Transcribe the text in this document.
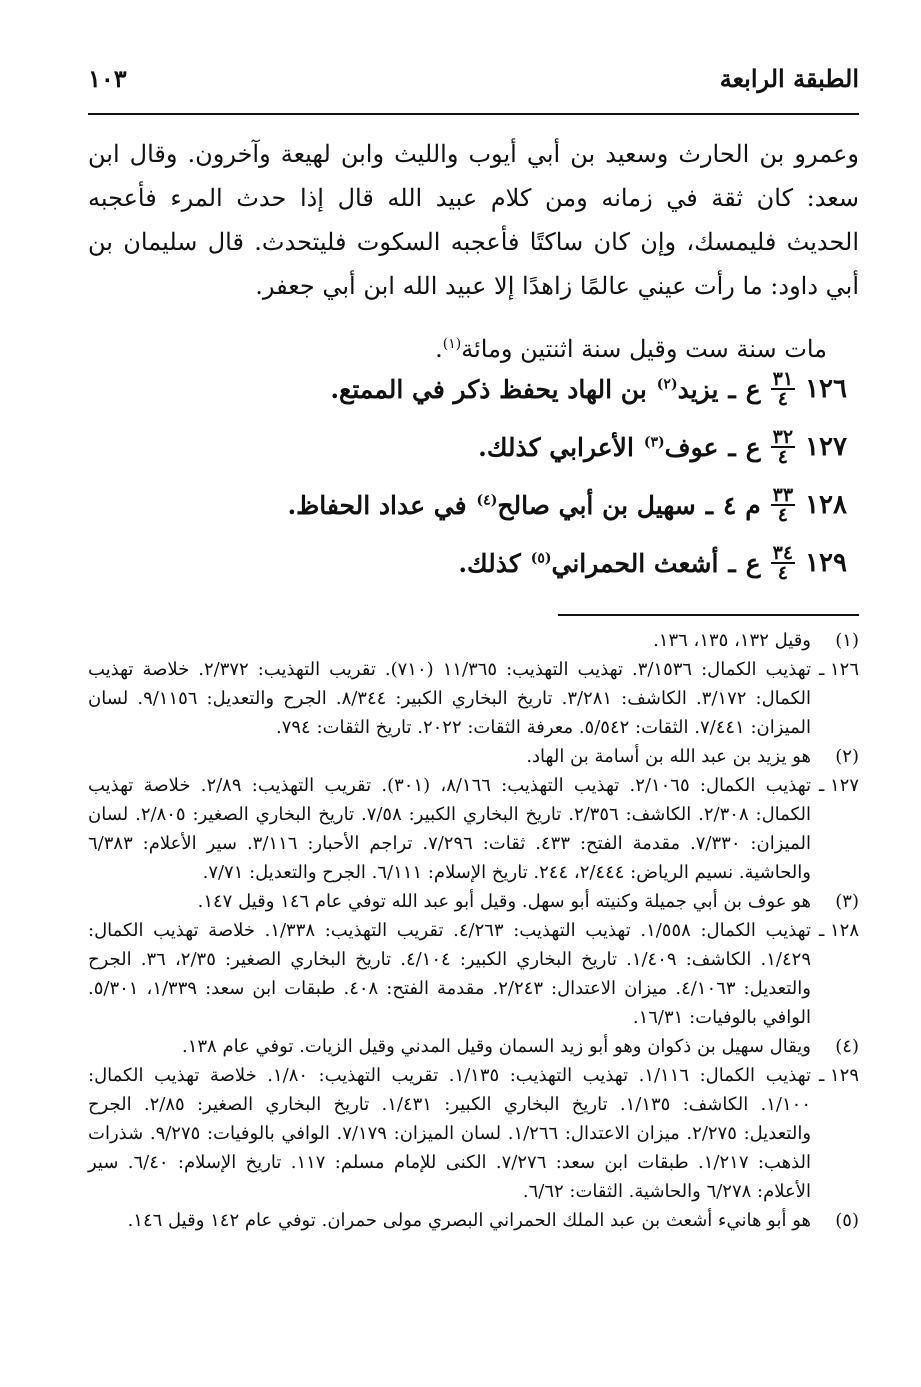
الطبقة الرابعة
١٠٣

وعمرو بن الحارث وسعيد بن أبي أيوب والليث وابن لهيعة وآخرون. وقال ابن سعد: كان ثقة في زمانه ومن كلام عبيد الله قال إذا حدث المرء فأعجبه الحديث فليمسك، وإن كان ساكتًا فأعجبه السكوت فليتحدث. قال سليمان بن أبي داود: ما رأت عيني عالمًا زاهدًا إلا عبيد الله ابن أبي جعفر.

مات سنة ست وقيل سنة اثنتين ومائة$^{(١)}$.

١٢٦
$\frac{٣١}{٤}$
ع
ـ
يزيد$^{(٢)}$
بن الهاد يحفظ ذكر في الممتع.
١٢٧
$\frac{٣٢}{٤}$
ع
ـ
عوف$^{(٣)}$
الأعرابي كذلك.
١٢٨
$\frac{٣٣}{٤}$
م ٤
ـ
سهيل بن أبي صالح$^{(٤)}$
في عداد الحفاظ.
١٢٩
$\frac{٣٤}{٤}$
ع
ـ
أشعث الحمراني$^{(٥)}$
كذلك.
(١)
وقيل ١٣٢، ١٣٥، ١٣٦.
١٢٦ ـ
تهذيب الكمال: ٣/١٥٣٦. تهذيب التهذيب: ١١/٣٦٥ (٧١٠). تقريب التهذيب: ٢/٣٧٢. خلاصة تهذيب الكمال: ٣/١٧٢. الكاشف: ٣/٢٨١. تاريخ البخاري الكبير: ٨/٣٤٤. الجرح والتعديل: ٩/١١٥٦. لسان الميزان: ٧/٤٤١. الثقات: ٥/٥٤٢. معرفة الثقات: ٢٠٢٢. تاريخ الثقات: ٧٩٤.
(٢)
هو يزيد بن عبد الله بن أسامة بن الهاد.
١٢٧ ـ
تهذيب الكمال: ٢/١٠٦٥. تهذيب التهذيب: ٨/١٦٦، (٣٠١). تقريب التهذيب: ٢/٨٩. خلاصة تهذيب الكمال: ٢/٣٠٨. الكاشف: ٢/٣٥٦. تاريخ البخاري الكبير: ٧/٥٨. تاريخ البخاري الصغير: ٢/٨٠٥. لسان الميزان: ٧/٣٣٠. مقدمة الفتح: ٤٣٣. ثقات: ٧/٢٩٦. تراجم الأحبار: ٣/١١٦. سير الأعلام: ٦/٣٨٣ والحاشية. نسيم الرياض: ٢/٤٤٤، ٢٤٤. تاريخ الإسلام: ٦/١١١. الجرح والتعديل: ٧/٧١.
(٣)
هو عوف بن أبي جميلة وكنيته أبو سهل. وقيل أبو عبد الله توفي عام ١٤٦ وقيل ١٤٧.
١٢٨ ـ
تهذيب الكمال: ١/٥٥٨. تهذيب التهذيب: ٤/٢٦٣. تقريب التهذيب: ١/٣٣٨. خلاصة تهذيب الكمال: ١/٤٢٩. الكاشف: ١/٤٠٩. تاريخ البخاري الكبير: ٤/١٠٤. تاريخ البخاري الصغير: ٢/٣٥، ٣٦. الجرح والتعديل: ٤/١٠٦٣. ميزان الاعتدال: ٢/٢٤٣. مقدمة الفتح: ٤٠٨. طبقات ابن سعد: ١/٣٣٩، ٥/٣٠١. الوافي بالوفيات: ١٦/٣١.
(٤)
ويقال سهيل بن ذكوان وهو أبو زيد السمان وقيل المدني وقيل الزيات. توفي عام ١٣٨.
١٢٩ ـ
تهذيب الكمال: ١/١١٦. تهذيب التهذيب: ١/١٣٥. تقريب التهذيب: ١/٨٠. خلاصة تهذيب الكمال: ١/١٠٠. الكاشف: ١/١٣٥. تاريخ البخاري الكبير: ١/٤٣١. تاريخ البخاري الصغير: ٢/٨٥. الجرح والتعديل: ٢/٢٧٥. ميزان الاعتدال: ١/٢٦٦. لسان الميزان: ٧/١٧٩. الوافي بالوفيات: ٩/٢٧٥. شذرات الذهب: ١/٢١٧. طبقات ابن سعد: ٧/٢٧٦. الكنى للإمام مسلم: ١١٧. تاريخ الإسلام: ٦/٤٠. سير الأعلام: ٦/٢٧٨ والحاشية. الثقات: ٦/٦٢.
(٥)
هو أبو هانيء أشعث بن عبد الملك الحمراني البصري مولى حمران. توفي عام ١٤٢ وقيل ١٤٦.
